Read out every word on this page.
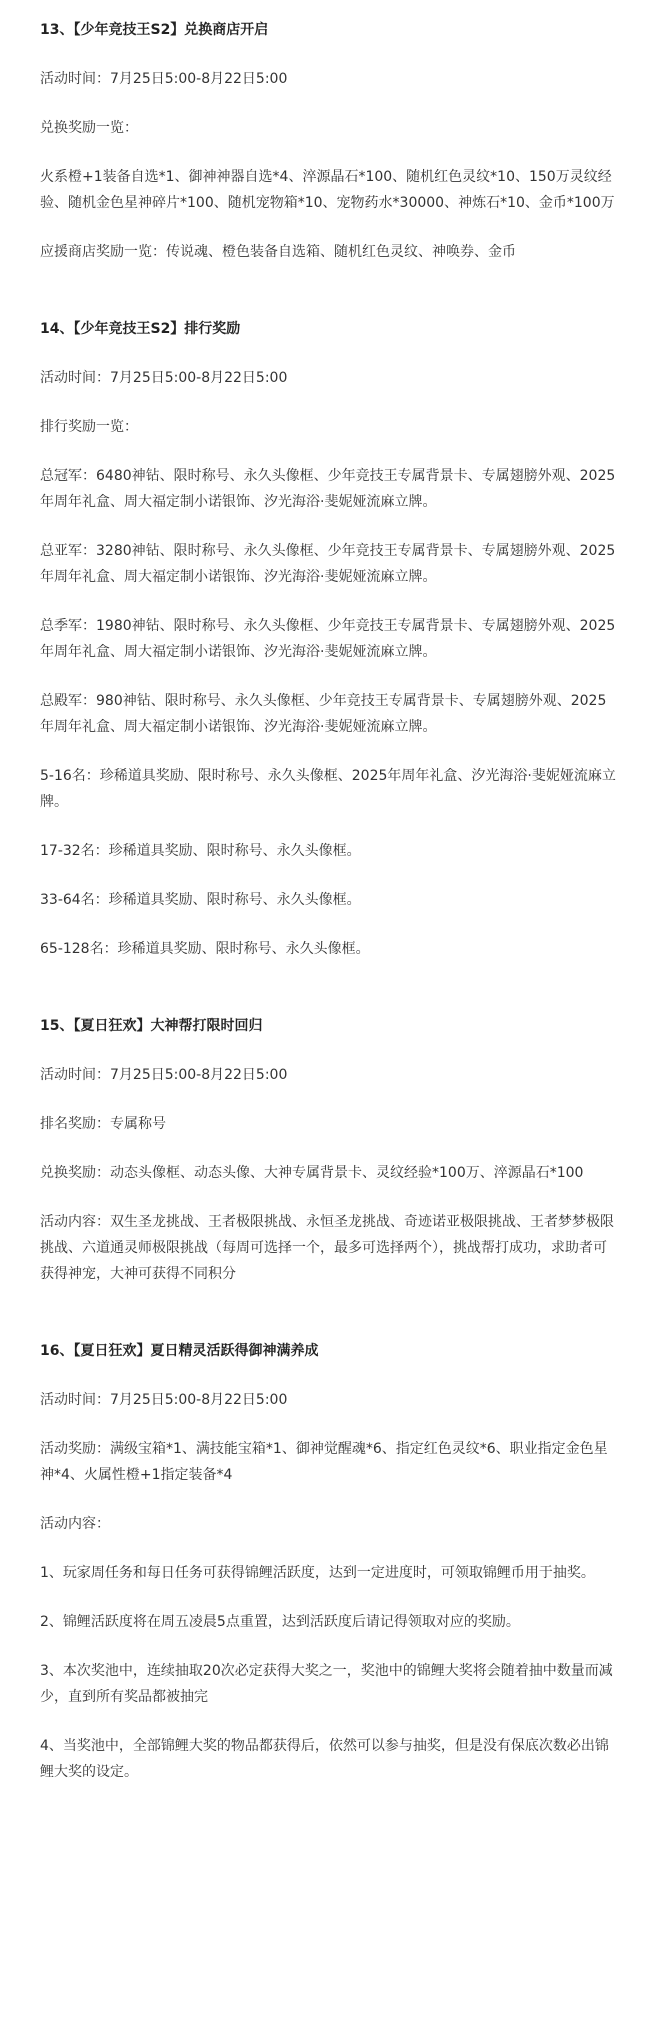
13、【少年竞技王S2】兑换商店开启

活动时间：7月25日5:00-8月22日5:00

兑换奖励一览：

火系橙+1装备自选*1、御神神器自选*4、淬源晶石*100、随机红色灵纹*10、150万灵纹经验、随机金色星神碎片*100、随机宠物箱*10、宠物药水*30000、神炼石*10、金币*100万

应援商店奖励一览：传说魂、橙色装备自选箱、随机红色灵纹、神唤券、金币

14、【少年竞技王S2】排行奖励

活动时间：7月25日5:00-8月22日5:00

排行奖励一览：

总冠军：6480神钻、限时称号、永久头像框、少年竞技王专属背景卡、专属翅膀外观、2025年周年礼盒、周大福定制小诺银饰、汐光海浴·斐妮娅流麻立牌。

总亚军：3280神钻、限时称号、永久头像框、少年竞技王专属背景卡、专属翅膀外观、2025年周年礼盒、周大福定制小诺银饰、汐光海浴·斐妮娅流麻立牌。

总季军：1980神钻、限时称号、永久头像框、少年竞技王专属背景卡、专属翅膀外观、2025年周年礼盒、周大福定制小诺银饰、汐光海浴·斐妮娅流麻立牌。

总殿军：980神钻、限时称号、永久头像框、少年竞技王专属背景卡、专属翅膀外观、2025年周年礼盒、周大福定制小诺银饰、汐光海浴·斐妮娅流麻立牌。

5-16名：珍稀道具奖励、限时称号、永久头像框、2025年周年礼盒、汐光海浴·斐妮娅流麻立牌。

17-32名：珍稀道具奖励、限时称号、永久头像框。

33-64名：珍稀道具奖励、限时称号、永久头像框。

65-128名：珍稀道具奖励、限时称号、永久头像框。

15、【夏日狂欢】大神帮打限时回归

活动时间：7月25日5:00-8月22日5:00

排名奖励：专属称号

兑换奖励：动态头像框、动态头像、大神专属背景卡、灵纹经验*100万、淬源晶石*100

活动内容：双生圣龙挑战、王者极限挑战、永恒圣龙挑战、奇迹诺亚极限挑战、王者梦梦极限挑战、六道通灵师极限挑战（每周可选择一个，最多可选择两个），挑战帮打成功，求助者可获得神宠，大神可获得不同积分

16、【夏日狂欢】夏日精灵活跃得御神满养成

活动时间：7月25日5:00-8月22日5:00

活动奖励：满级宝箱*1、满技能宝箱*1、御神觉醒魂*6、指定红色灵纹*6、职业指定金色星神*4、火属性橙+1指定装备*4

活动内容：

1、玩家周任务和每日任务可获得锦鲤活跃度，达到一定进度时，可领取锦鲤币用于抽奖。

2、锦鲤活跃度将在周五凌晨5点重置，达到活跃度后请记得领取对应的奖励。

3、本次奖池中，连续抽取20次必定获得大奖之一，奖池中的锦鲤大奖将会随着抽中数量而减少，直到所有奖品都被抽完

4、当奖池中，全部锦鲤大奖的物品都获得后，依然可以参与抽奖，但是没有保底次数必出锦鲤大奖的设定。
